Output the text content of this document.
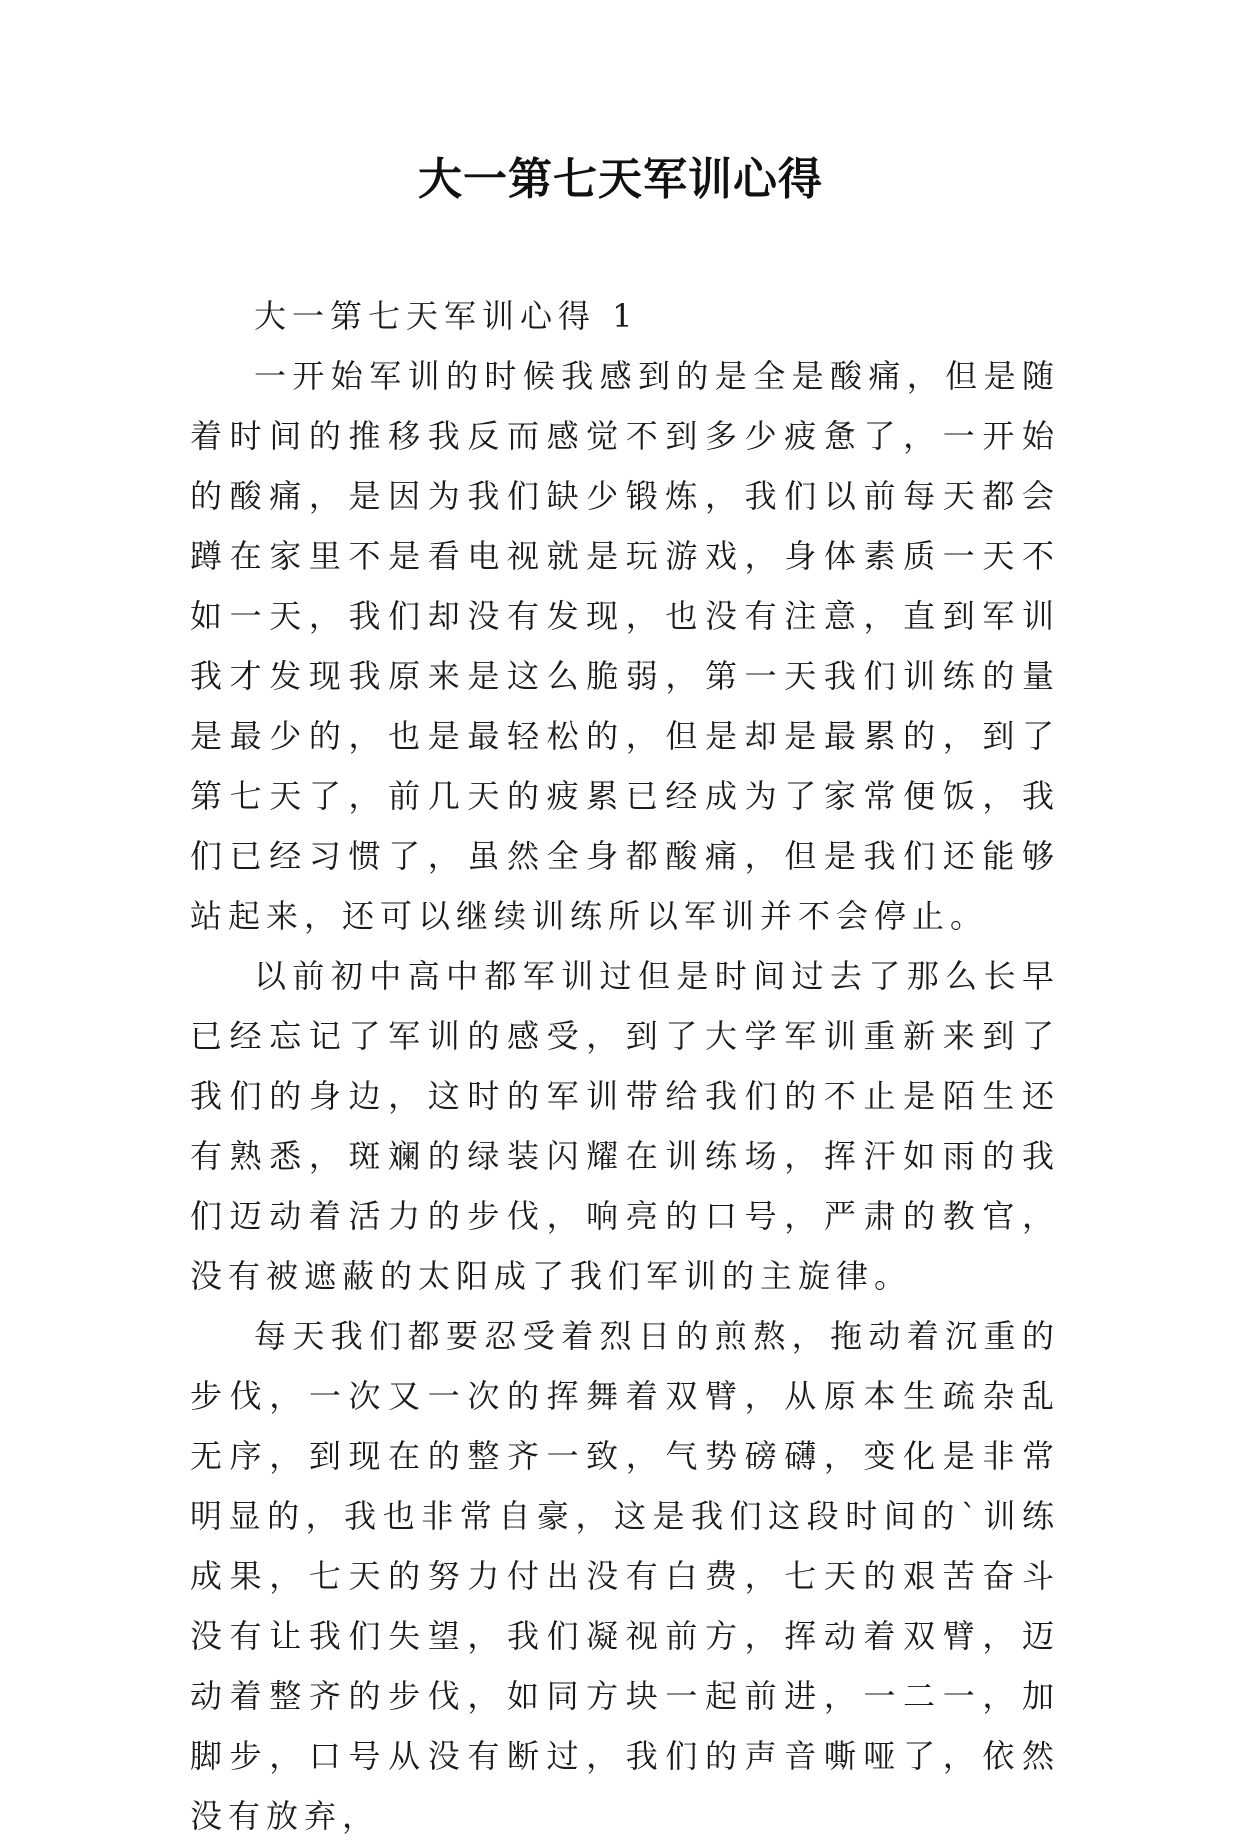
大一第七天军训心得

大一第七天军训心得 1

一开始军训的时候我感到的是全是酸痛，但是随着时间的推移我反而感觉不到多少疲惫了，一开始的酸痛，是因为我们缺少锻炼，我们以前每天都会蹲在家里不是看电视就是玩游戏，身体素质一天不如一天，我们却没有发现，也没有注意，直到军训我才发现我原来是这么脆弱，第一天我们训练的量是最少的，也是最轻松的，但是却是最累的，到了第七天了，前几天的疲累已经成为了家常便饭，我们已经习惯了，虽然全身都酸痛，但是我们还能够站起来，还可以继续训练所以军训并不会停止。

以前初中高中都军训过但是时间过去了那么长早已经忘记了军训的感受，到了大学军训重新来到了我们的身边，这时的军训带给我们的不止是陌生还有熟悉，斑斓的绿装闪耀在训练场，挥汗如雨的我们迈动着活力的步伐，响亮的口号，严肃的教官，没有被遮蔽的太阳成了我们军训的主旋律。

每天我们都要忍受着烈日的煎熬，拖动着沉重的步伐，一次又一次的挥舞着双臂，从原本生疏杂乱无序，到现在的整齐一致，气势磅礴，变化是非常明显的，我也非常自豪，这是我们这段时间的`训练成果，七天的努力付出没有白费，七天的艰苦奋斗没有让我们失望，我们凝视前方，挥动着双臂，迈动着整齐的步伐，如同方块一起前进，一二一，加脚步，口号从没有断过，我们的声音嘶哑了，依然没有放弃，
